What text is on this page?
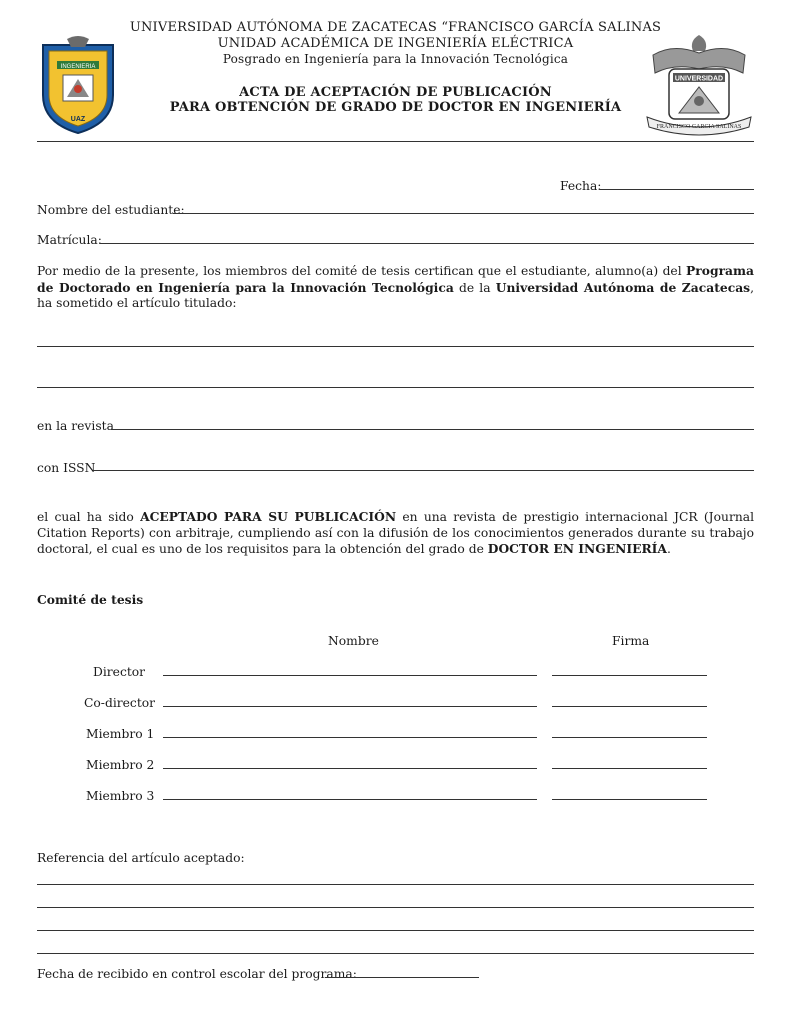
INGENIERIA
UAZ
UNIVERSIDAD
FRANCISCO GARCIA SALINAS
UNIVERSIDAD AUTÓNOMA DE ZACATECAS “FRANCISCO GARCÍA SALINAS
UNIDAD ACADÉMICA DE INGENIERÍA ELÉCTRICA
Posgrado en Ingeniería para la Innovación Tecnológica
ACTA DE ACEPTACIÓN DE PUBLICACIÓN
PARA OBTENCIÓN DE GRADO DE DOCTOR EN INGENIERÍA
Fecha:
Nombre del estudiante:
Matrícula:
Por medio de la presente, los miembros del comité de tesis certifican que el estudiante, alumno(a) del Programa de Doctorado en Ingeniería para la Innovación Tecnológica de la Universidad Autónoma de Zacatecas, ha sometido el artículo titulado:
en la revista
con ISSN
el cual ha sido ACEPTADO PARA SU PUBLICACIÓN en una revista de prestigio internacional JCR (Journal Citation Reports) con arbitraje, cumpliendo así con la difusión de los conocimientos generados durante su trabajo doctoral, el cual es uno de los requisitos para la obtención del grado de DOCTOR EN INGENIERÍA.
Comité de tesis
Nombre	Firma
Director
Co-director
Miembro 1
Miembro 2
Miembro 3
Referencia del artículo aceptado:
Fecha de recibido en control escolar del programa:
